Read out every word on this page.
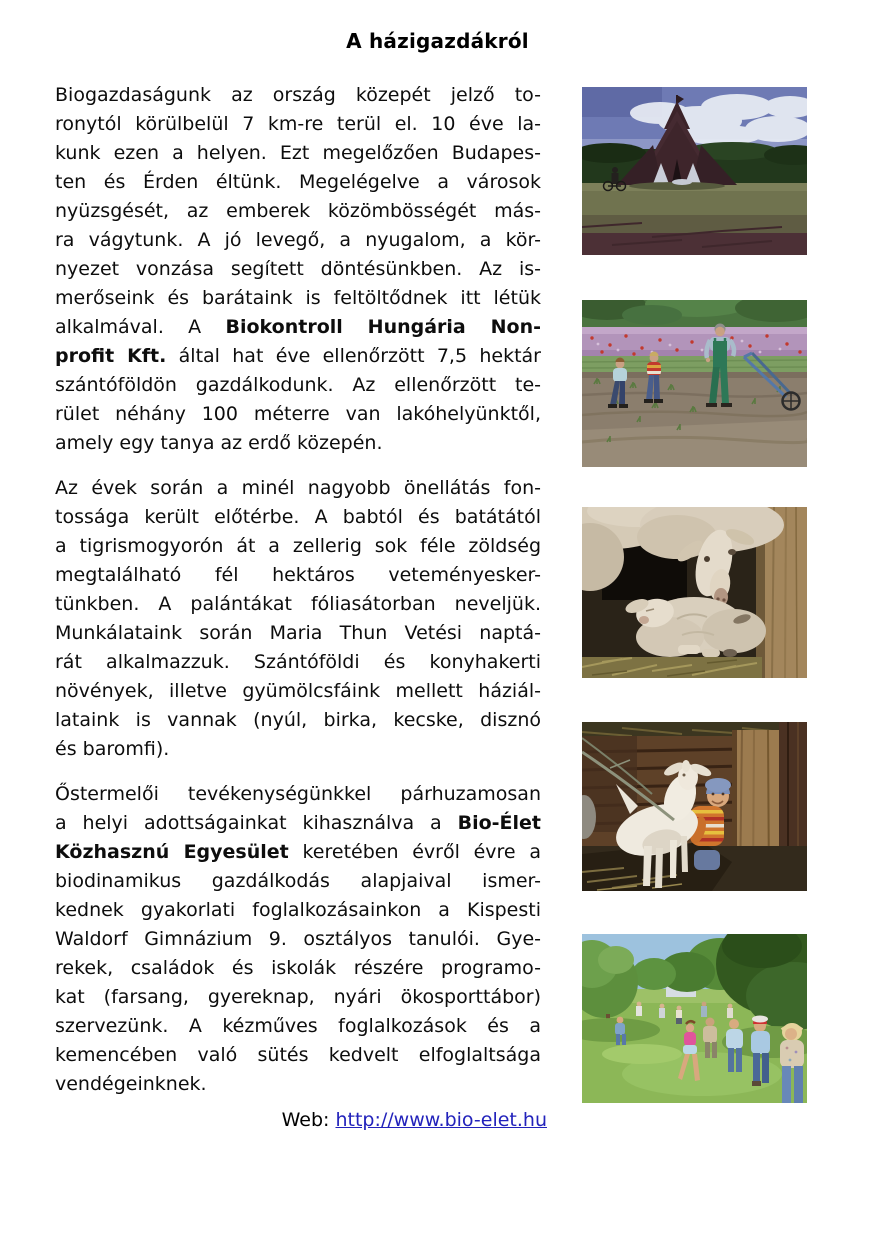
A házigazdákról
Biogazdaságunk az ország közepét jelző to-
ronytól körülbelül 7 km-re terül el. 10 éve la-
kunk ezen a helyen. Ezt megelőzően Budapes-
ten és Érden éltünk. Megelégelve a városok
nyüzsgését, az emberek közömbösségét más-
ra vágytunk. A jó levegő, a nyugalom, a kör-
nyezet vonzása segített döntésünkben. Az is-
merőseink és barátaink is feltöltődnek itt létük
alkalmával. A Biokontroll Hungária Non-
profit Kft. által hat éve ellenőrzött 7,5 hektár
szántóföldön gazdálkodunk. Az ellenőrzött te-
rület néhány 100 méterre van lakóhelyünktől,
amely egy tanya az erdő közepén.
Az évek során a minél nagyobb önellátás fon-
tossága került előtérbe. A babtól és batátától
a tigrismogyorón át a zellerig sok féle zöldség
megtalálható fél hektáros veteményesker-
tünkben. A palántákat fóliasátorban neveljük.
Munkálataink során Maria Thun Vetési naptá-
rát alkalmazzuk. Szántóföldi és konyhakerti
növények, illetve gyümölcsfáink mellett háziál-
lataink is vannak (nyúl, birka, kecske, disznó
és baromfi).
Őstermelői tevékenységünkkel párhuzamosan
a helyi adottságainkat kihasználva a Bio-Élet
Közhasznú Egyesület keretében évről évre a
biodinamikus gazdálkodás alapjaival ismer-
kednek gyakorlati foglalkozásainkon a Kispesti
Waldorf Gimnázium 9. osztályos tanulói. Gye-
rekek, családok és iskolák részére programo-
kat (farsang, gyereknap, nyári ökosporttábor)
szervezünk. A kézműves foglalkozások és a
kemencében való sütés kedvelt elfoglaltsága
vendégeinknek.
Web: http://www.bio-elet.hu
